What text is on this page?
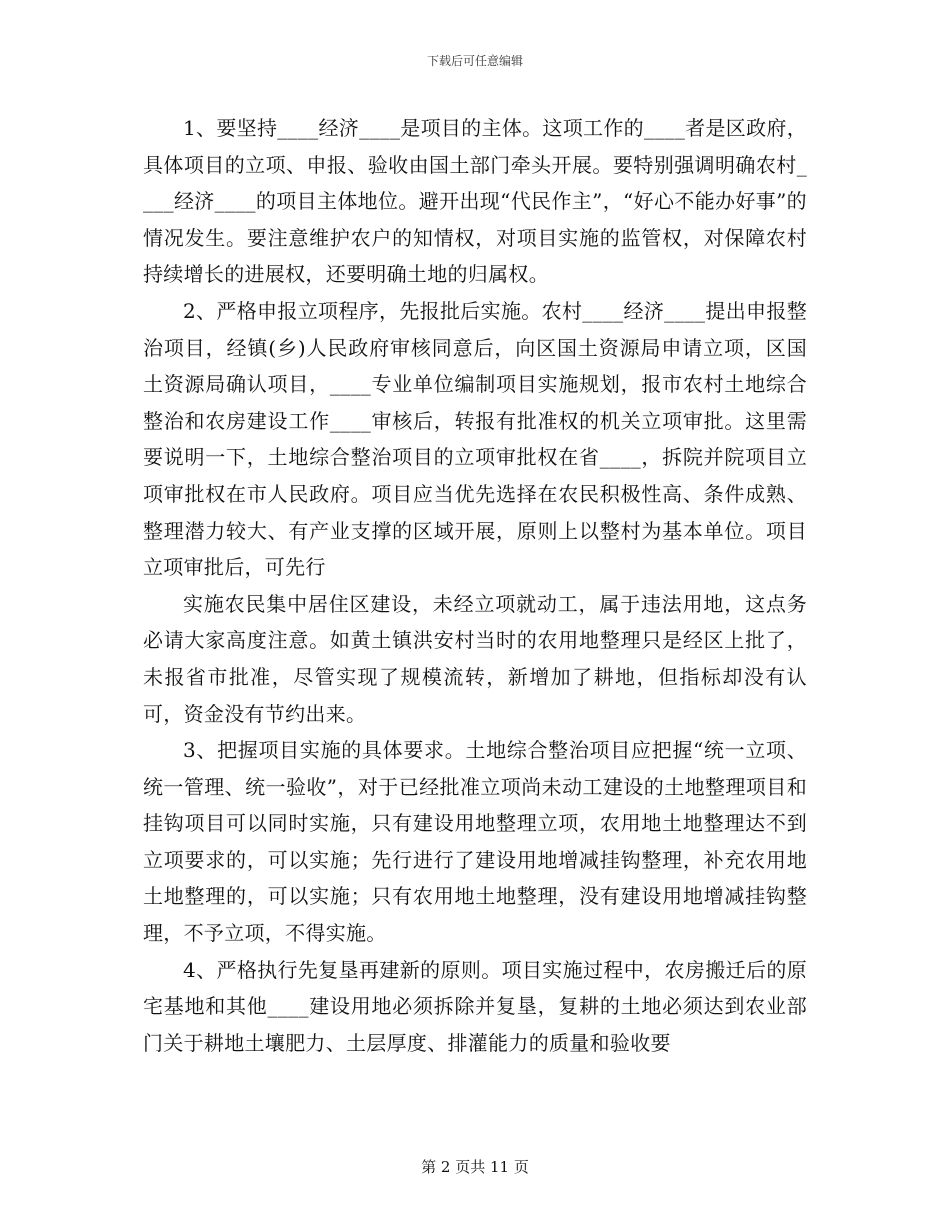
下载后可任意编辑

1、要坚持____经济____是项目的主体。这项工作的____者是区政府，具体项目的立项、申报、验收由国土部门牵头开展。要特别强调明确农村____经济____的项目主体地位。避开出现“代民作主”，“好心不能办好事”的情况发生。要注意维护农户的知情权，对项目实施的监管权，对保障农村持续增长的进展权，还要明确土地的归属权。

2、严格申报立项程序，先报批后实施。农村____经济____提出申报整治项目，经镇(乡)人民政府审核同意后，向区国土资源局申请立项，区国土资源局确认项目，____专业单位编制项目实施规划，报市农村土地综合整治和农房建设工作____审核后，转报有批准权的机关立项审批。这里需要说明一下，土地综合整治项目的立项审批权在省____，拆院并院项目立项审批权在市人民政府。项目应当优先选择在农民积极性高、条件成熟、整理潜力较大、有产业支撑的区域开展，原则上以整村为基本单位。项目立项审批后，可先行

实施农民集中居住区建设，未经立项就动工，属于违法用地，这点务必请大家高度注意。如黄土镇洪安村当时的农用地整理只是经区上批了，未报省市批准，尽管实现了规模流转，新增加了耕地，但指标却没有认可，资金没有节约出来。

3、把握项目实施的具体要求。土地综合整治项目应把握“统一立项、统一管理、统一验收”，对于已经批准立项尚未动工建设的土地整理项目和挂钩项目可以同时实施，只有建设用地整理立项，农用地土地整理达不到立项要求的，可以实施；先行进行了建设用地增减挂钩整理，补充农用地土地整理的，可以实施；只有农用地土地整理，没有建设用地增减挂钩整理，不予立项，不得实施。

4、严格执行先复垦再建新的原则。项目实施过程中，农房搬迁后的原宅基地和其他____建设用地必须拆除并复垦，复耕的土地必须达到农业部门关于耕地土壤肥力、土层厚度、排灌能力的质量和验收要

第 2 页共 11 页
